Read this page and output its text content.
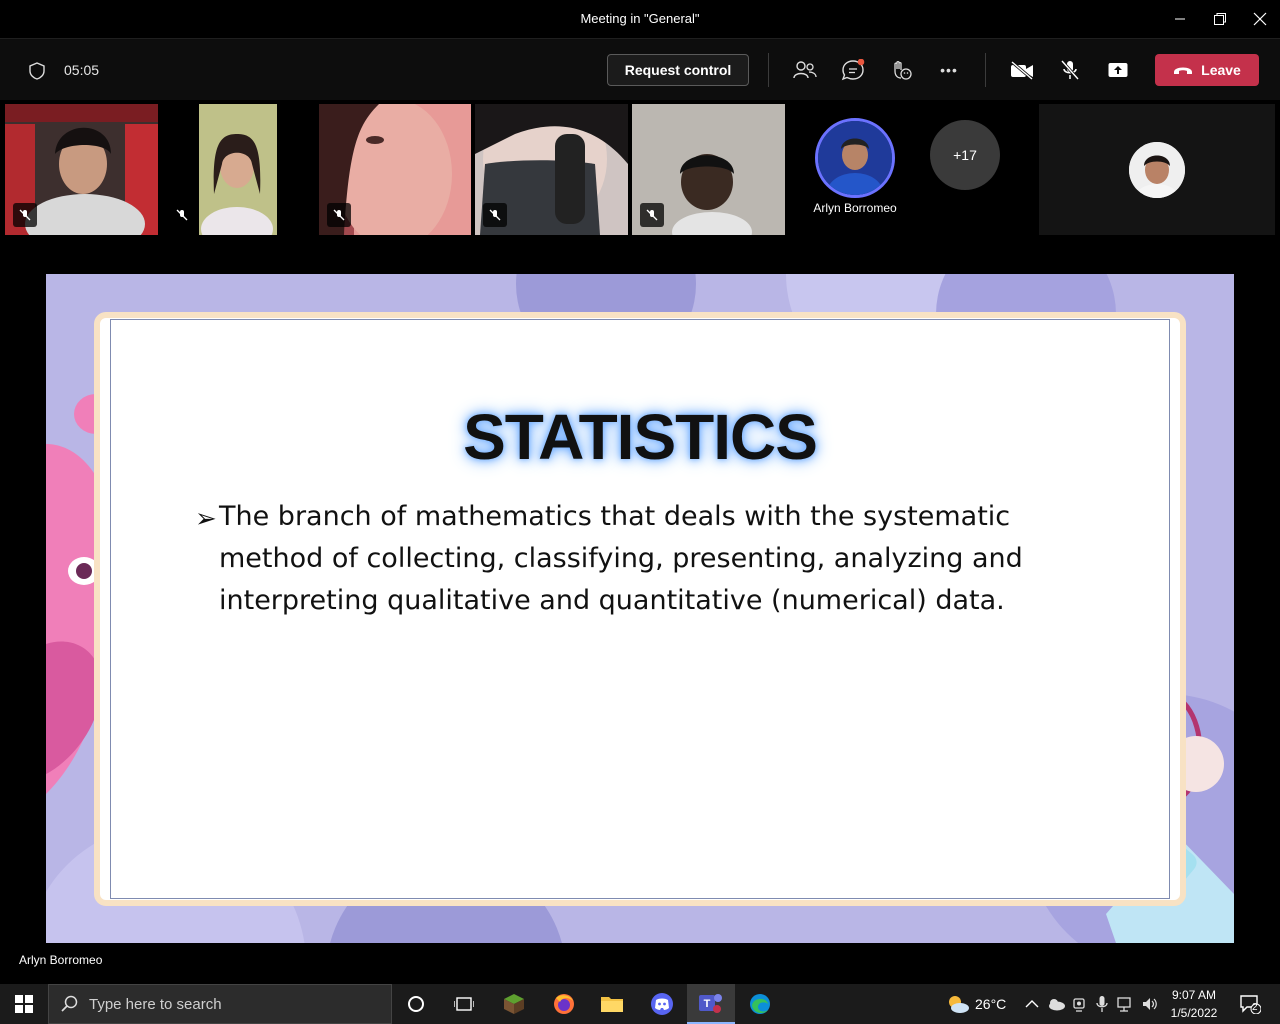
Meeting in "General"
05:05	Request control	•••	Leave
Arlyn Borromeo
+17
STATISTICS
➢ The branch of mathematics that deals with the systematic method of collecting, classifying, presenting, analyzing and interpreting qualitative and quantitative (numerical) data.
Arlyn Borromeo
Type here to search	T	26°C
9:07 AM
1/5/2022	2
